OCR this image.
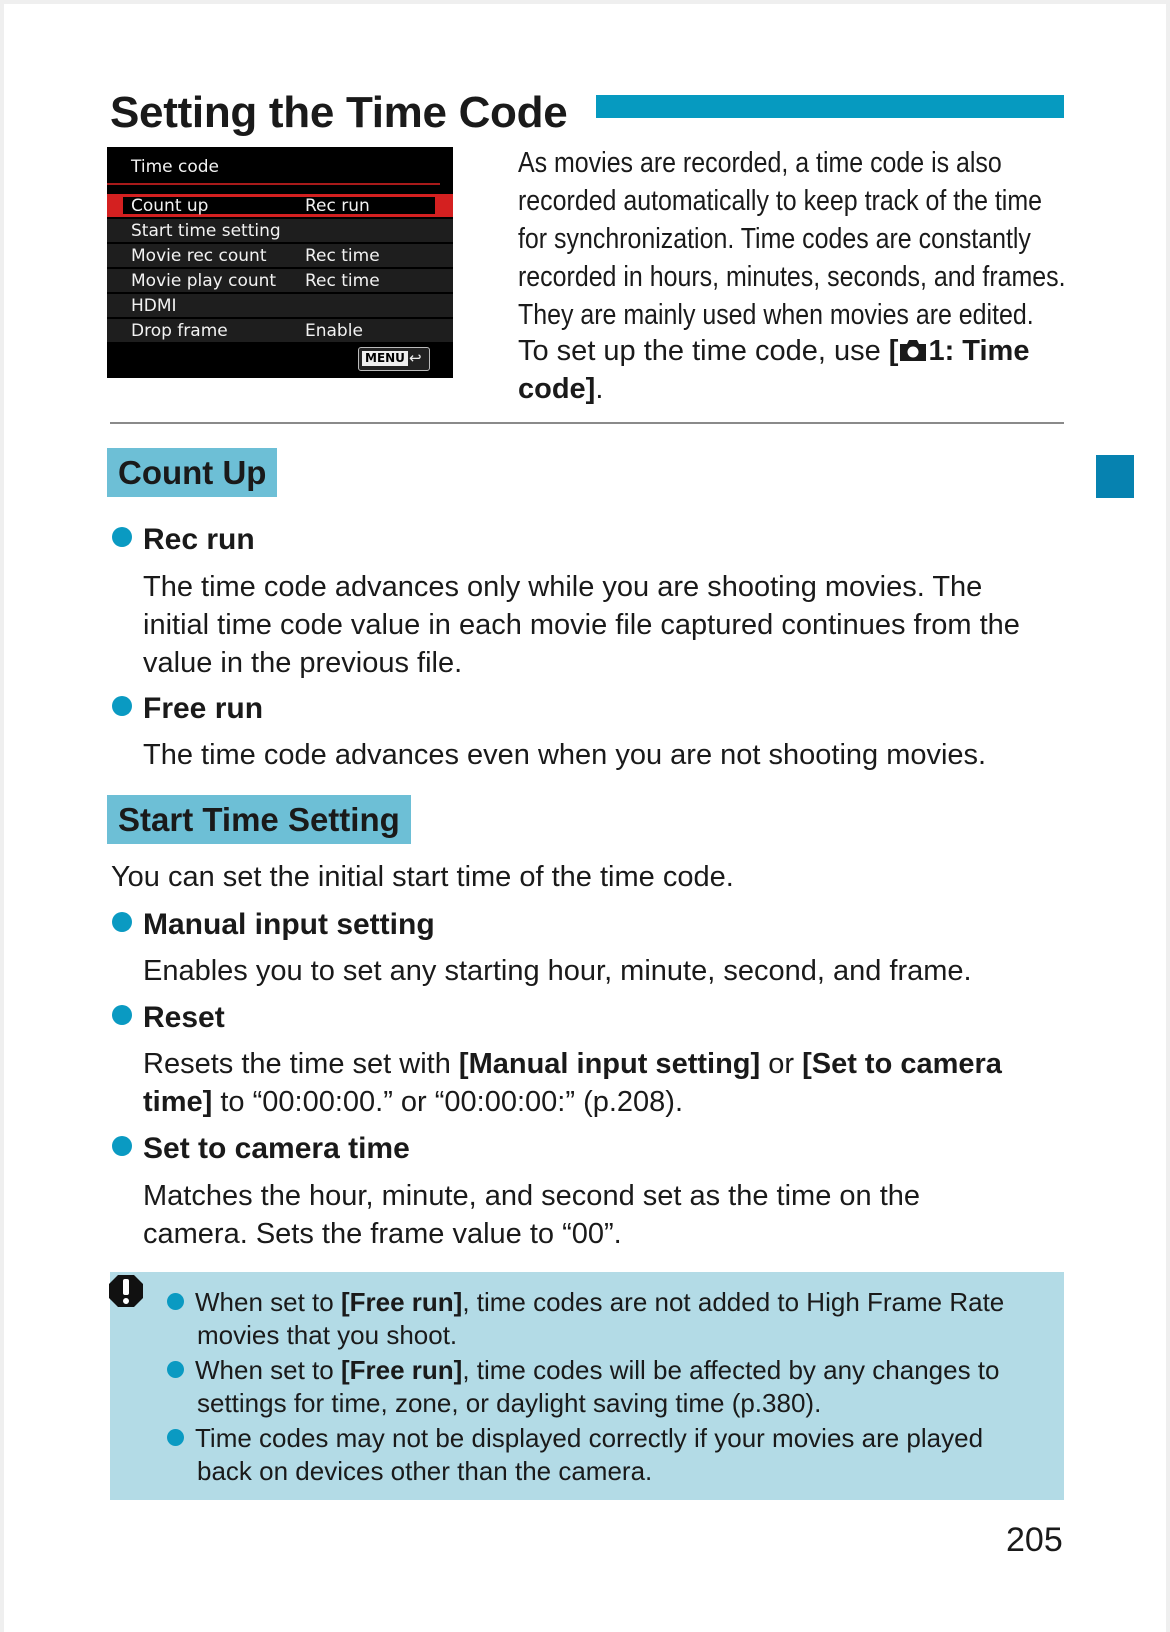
Setting the Time Code
Time code
Count up	Rec run
Start time setting
Movie rec count Rec time
Movie play count Rec time
HDMI
Drop frame	Enable
MENU ↩
As movies are recorded, a time code is also
recorded automatically to keep track of the time
for synchronization. Time codes are constantly
recorded in hours, minutes, seconds, and frames.
They are mainly used when movies are edited.
To set up the time code, use [ 1: Time
code].
Count Up
Rec run
The time code advances only while you are shooting movies. The
initial time code value in each movie file captured continues from the
value in the previous file.
Free run
The time code advances even when you are not shooting movies.
Start Time Setting
You can set the initial start time of the time code.
Manual input setting
Enables you to set any starting hour, minute, second, and frame.
Reset
Resets the time set with [Manual input setting] or [Set to camera
time] to “00:00:00.” or “00:00:00:” (p.208).
Set to camera time
Matches the hour, minute, and second set as the time on the
camera. Sets the frame value to “00”.
When set to [Free run], time codes are not added to High Frame Rate
movies that you shoot.
When set to [Free run], time codes will be affected by any changes to
settings for time, zone, or daylight saving time (p.380).
Time codes may not be displayed correctly if your movies are played
back on devices other than the camera.
205
